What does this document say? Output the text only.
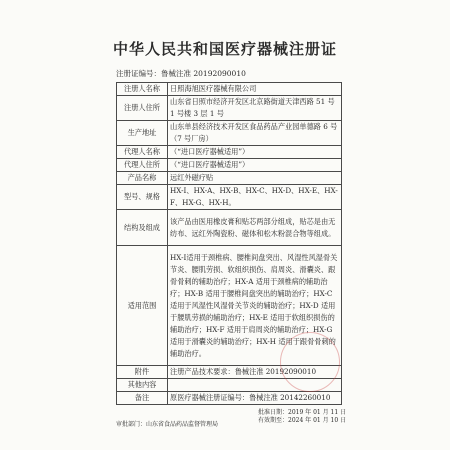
中华人民共和国医疗器械注册证
注册证编号：鲁械注准 20192090010
注册人名称	日照海旭医疗器械有限公司
注册人住所	山东省日照市经济开发区北京路街道天津西路 51 号 1 号楼 3 层 1 号
生产地址	山东单县经济技术开发区食品药品产业园单德路 6 号（7 号厂房）
代理人名称	（“进口医疗器械适用”）
代理人住所	（“进口医疗器械适用”）
产品名称	远红外磁疗贴
型号、规格	HX-Ⅰ、HX-A、HX-B、HX-C、HX-D、HX-E、HX-F、HX-G、HX-H。
结构及组成	该产品由医用橡皮膏和贴芯两部分组成，贴芯是由无纺布、远红外陶瓷粉、磁体和松木粉混合物等组成。
适用范围	HX-Ⅰ适用于颈椎病、腰椎间盘突出、风湿性风湿骨关节炎、腰肌劳损、软组织损伤、肩周炎、滑囊炎、跟骨骨刺的辅助治疗；HX-A 适用于颈椎病的辅助治疗；HX-B 适用于腰椎间盘突出的辅助治疗；HX-C 适用于风湿性风湿骨关节炎的辅助治疗；HX-D 适用于腰肌劳损的辅助治疗；HX-E 适用于软组织损伤的辅助治疗；HX-F 适用于肩周炎的辅助治疗；HX-G 适用于滑囊炎的辅助治疗；HX-H 适用于跟骨骨刺的辅助治疗。
附件	注册产品技术要求：鲁械注准 20192090010
其他内容	
备注	原医疗器械注册证编号：鲁械注准 20142260010
批准日期：2019 年 01 月 11 日
有效期至：2024 年 01 月 10 日
审批部门：山东省食品药品监督管理局
